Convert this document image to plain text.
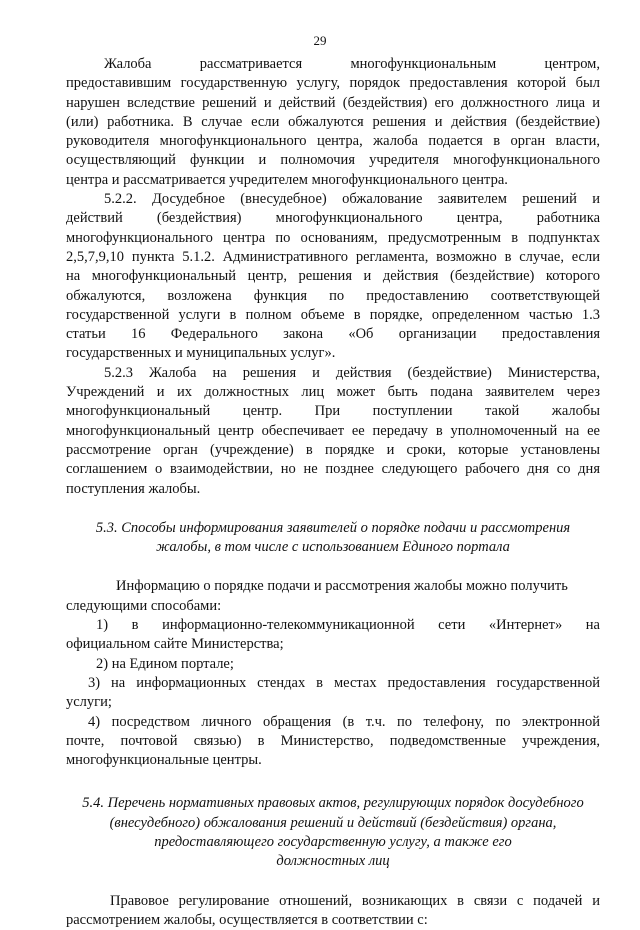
29
Жалоба рассматривается многофункциональным центром,
предоставившим государственную услугу, порядок предоставления которой был
нарушен вследствие решений и действий (бездействия) его должностного лица и
(или) работника. В случае если обжалуются решения и действия (бездействие)
руководителя многофункционального центра, жалоба подается в орган власти,
осуществляющий функции и полномочия учредителя многофункционального
центра и рассматривается учредителем многофункционального центра.
5.2.2. Досудебное (внесудебное) обжалование заявителем решений и
действий (бездействия) многофункционального центра, работника
многофункционального центра по основаниям, предусмотренным в подпунктах
2,5,7,9,10 пункта 5.1.2. Административного регламента, возможно в случае, если
на многофункциональный центр, решения и действия (бездействие) которого
обжалуются, возложена функция по предоставлению соответствующей
государственной услуги в полном объеме в порядке, определенном частью 1.3
статьи 16 Федерального закона «Об организации предоставления
государственных и муниципальных услуг».
5.2.3 Жалоба на решения и действия (бездействие) Министерства,
Учреждений и их должностных лиц может быть подана заявителем через
многофункциональный центр. При поступлении такой жалобы
многофункциональный центр обеспечивает ее передачу в уполномоченный на ее
рассмотрение орган (учреждение) в порядке и сроки, которые установлены
соглашением о взаимодействии, но не позднее следующего рабочего дня со дня
поступления жалобы.
5.3. Способы информирования заявителей о порядке подачи и рассмотрения
жалобы, в том числе с использованием Единого портала
Информацию о порядке подачи и рассмотрения жалобы можно получить
следующими способами:
1) в информационно-телекоммуникационной сети «Интернет» на
официальном сайте Министерства;
2) на Едином портале;
3) на информационных стендах в местах предоставления государственной
услуги;
4) посредством личного обращения (в т.ч. по телефону, по электронной
почте, почтовой связью) в Министерство, подведомственные учреждения,
многофункциональные центры.
5.4. Перечень нормативных правовых актов, регулирующих порядок досудебного
(внесудебного) обжалования решений и действий (бездействия) органа,
предоставляющего государственную услугу, а также его
должностных лиц
Правовое регулирование отношений, возникающих в связи с подачей и
рассмотрением жалобы, осуществляется в соответствии с:
